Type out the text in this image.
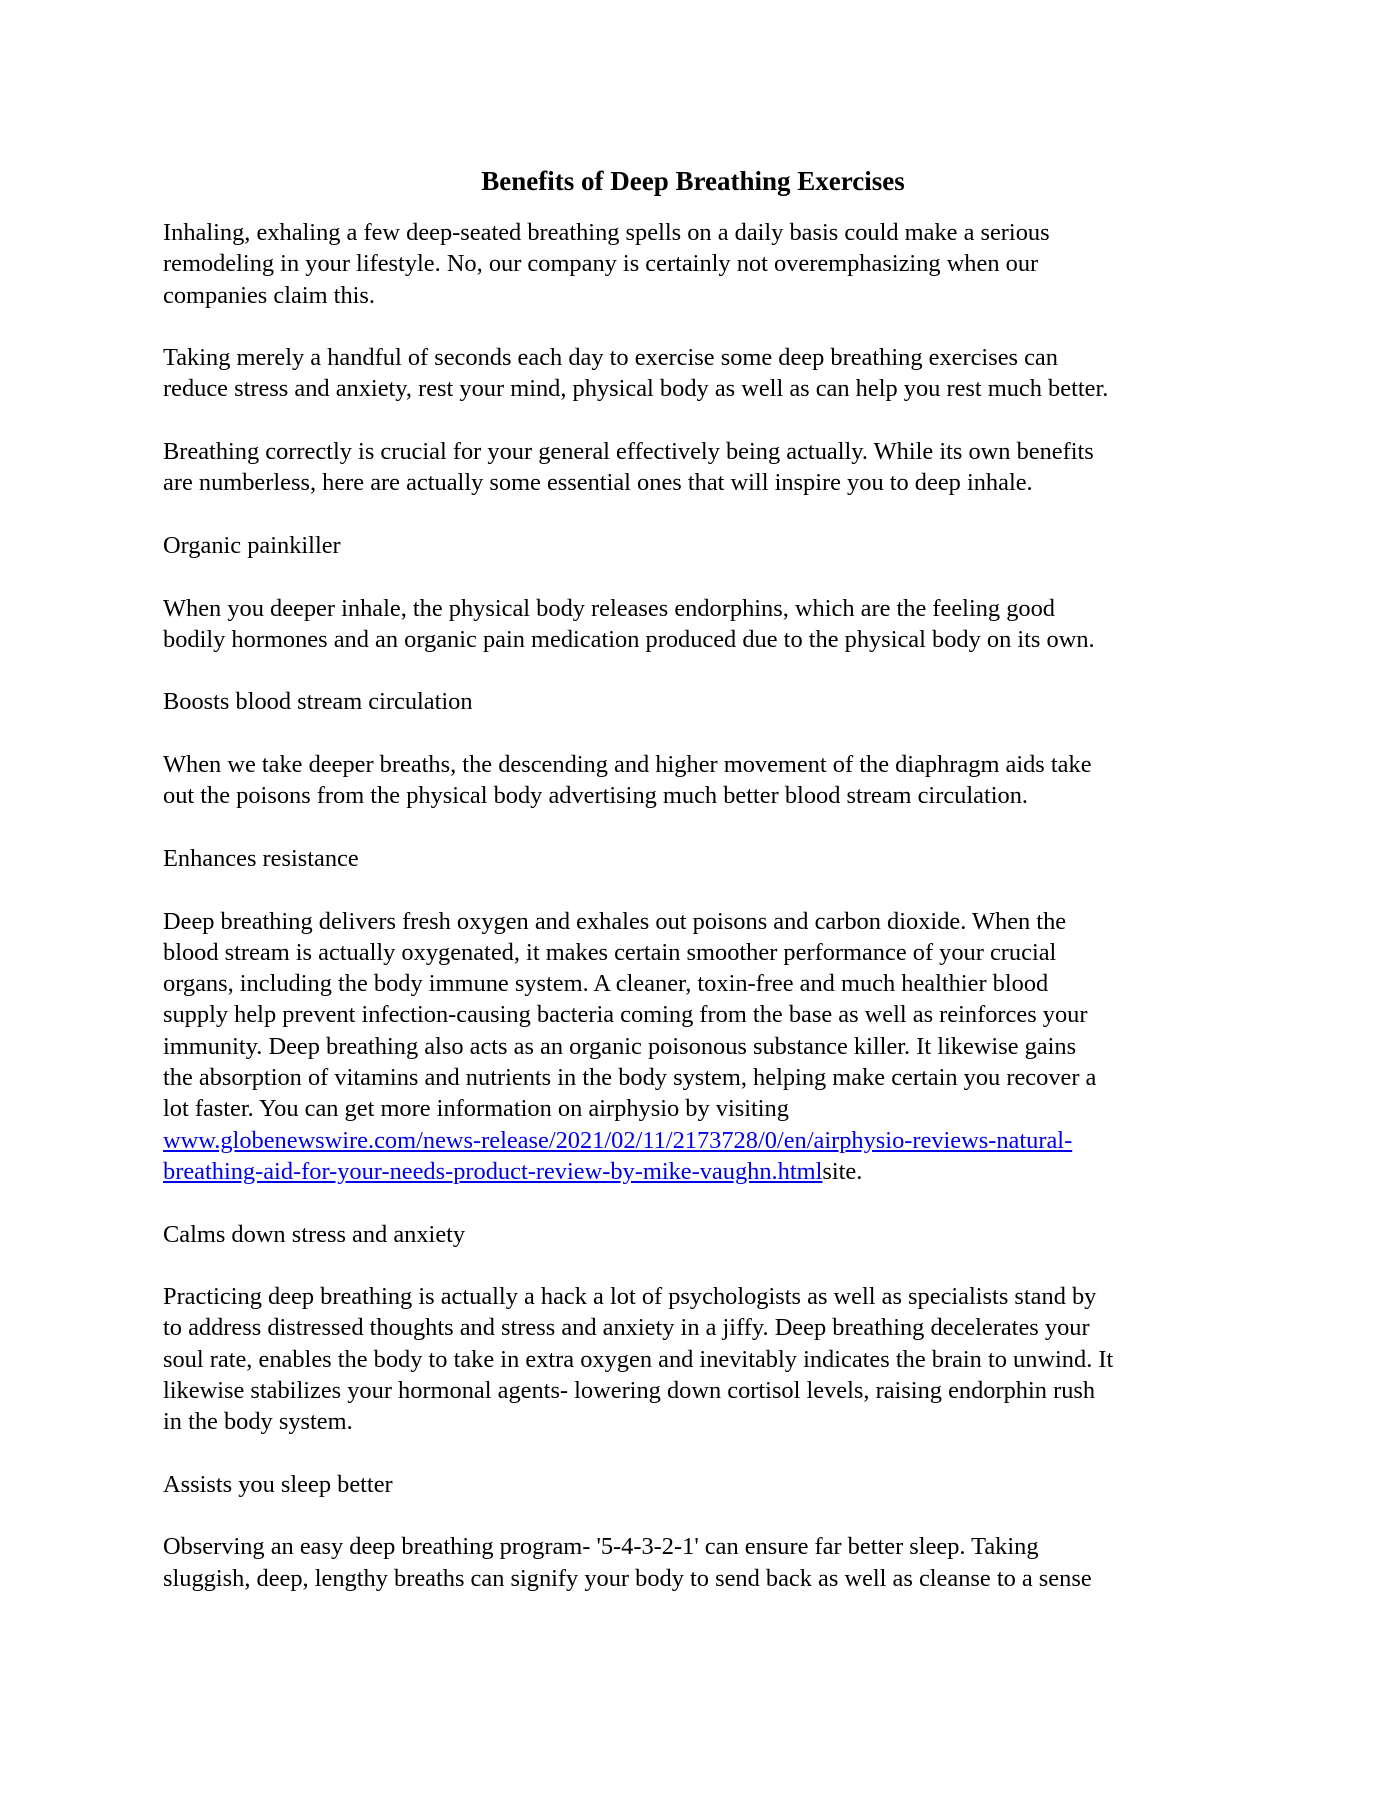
Benefits of Deep Breathing Exercises
Inhaling, exhaling a few deep-seated breathing spells on a daily basis could make a serious
remodeling in your lifestyle. No, our company is certainly not overemphasizing when our
companies claim this.
Taking merely a handful of seconds each day to exercise some deep breathing exercises can
reduce stress and anxiety, rest your mind, physical body as well as can help you rest much better.
Breathing correctly is crucial for your general effectively being actually. While its own benefits
are numberless, here are actually some essential ones that will inspire you to deep inhale.
Organic painkiller
When you deeper inhale, the physical body releases endorphins, which are the feeling good
bodily hormones and an organic pain medication produced due to the physical body on its own.
Boosts blood stream circulation
When we take deeper breaths, the descending and higher movement of the diaphragm aids take
out the poisons from the physical body advertising much better blood stream circulation.
Enhances resistance
Deep breathing delivers fresh oxygen and exhales out poisons and carbon dioxide. When the
blood stream is actually oxygenated, it makes certain smoother performance of your crucial
organs, including the body immune system. A cleaner, toxin-free and much healthier blood
supply help prevent infection-causing bacteria coming from the base as well as reinforces your
immunity. Deep breathing also acts as an organic poisonous substance killer. It likewise gains
the absorption of vitamins and nutrients in the body system, helping make certain you recover a
lot faster. You can get more information on airphysio by visiting
www.globenewswire.com/news-release/2021/02/11/2173728/0/en/airphysio-reviews-natural-
breathing-aid-for-your-needs-product-review-by-mike-vaughn.htmlsite.
Calms down stress and anxiety
Practicing deep breathing is actually a hack a lot of psychologists as well as specialists stand by
to address distressed thoughts and stress and anxiety in a jiffy. Deep breathing decelerates your
soul rate, enables the body to take in extra oxygen and inevitably indicates the brain to unwind. It
likewise stabilizes your hormonal agents- lowering down cortisol levels, raising endorphin rush
in the body system.
Assists you sleep better
Observing an easy deep breathing program- '5-4-3-2-1' can ensure far better sleep. Taking
sluggish, deep, lengthy breaths can signify your body to send back as well as cleanse to a sense
